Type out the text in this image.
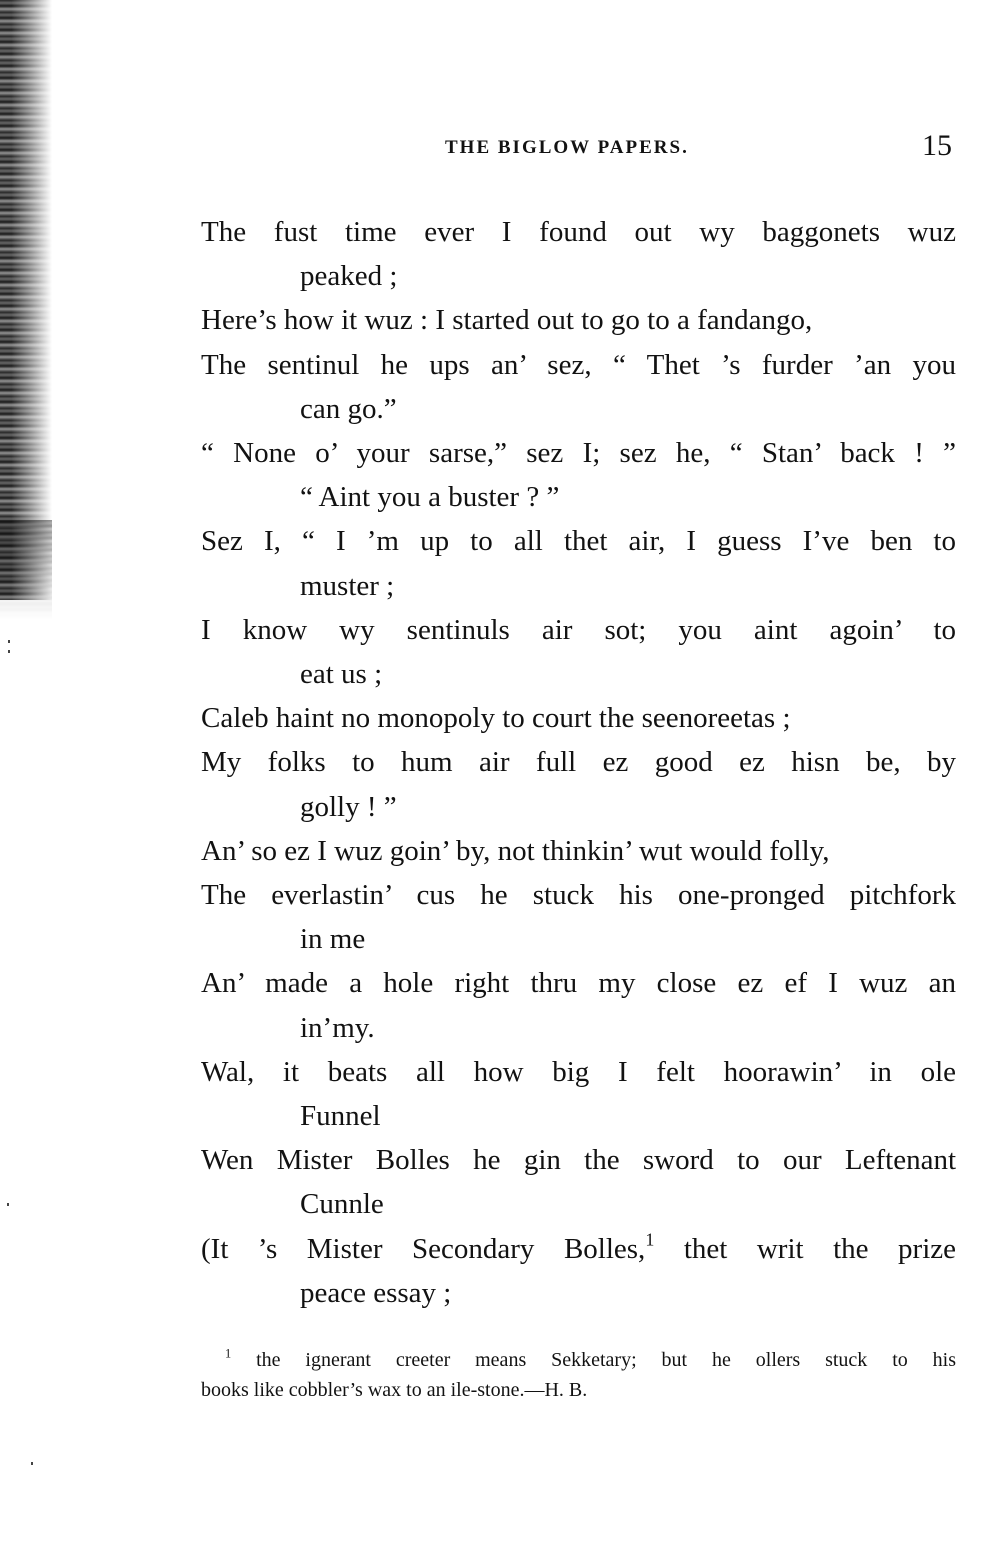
THE BIGLOW PAPERS.	15
The fust time ever I found out wy baggonets wuz
peaked ;
Here’s how it wuz : I started out to go to a fandango,
The sentinul he ups an’ sez, “ Thet ’s furder ’an you
can go.”
“ None o’ your sarse,” sez I; sez he, “ Stan’ back ! ”
“ Aint you a buster ? ”
Sez I, “ I ’m up to all thet air, I guess I’ve ben to
muster ;
I know wy sentinuls air sot; you aint agoin’ to
eat us ;
Caleb haint no monopoly to court the seenoreetas ;
My folks to hum air full ez good ez hisn be, by
golly ! ”
An’ so ez I wuz goin’ by, not thinkin’ wut would folly,
The everlastin’ cus he stuck his one-pronged pitchfork
in me
An’ made a hole right thru my close ez ef I wuz an
in’my.
Wal, it beats all how big I felt hoorawin’ in ole
Funnel
Wen Mister Bolles he gin the sword to our Leftenant
Cunnle
(It ’s Mister Secondary Bolles,$^1$ thet writ the prize
peace essay ;
$^1$ the ignerant creeter means Sekketary; but he ollers stuck to his
books like cobbler’s wax to an ile-stone.—H. B.
